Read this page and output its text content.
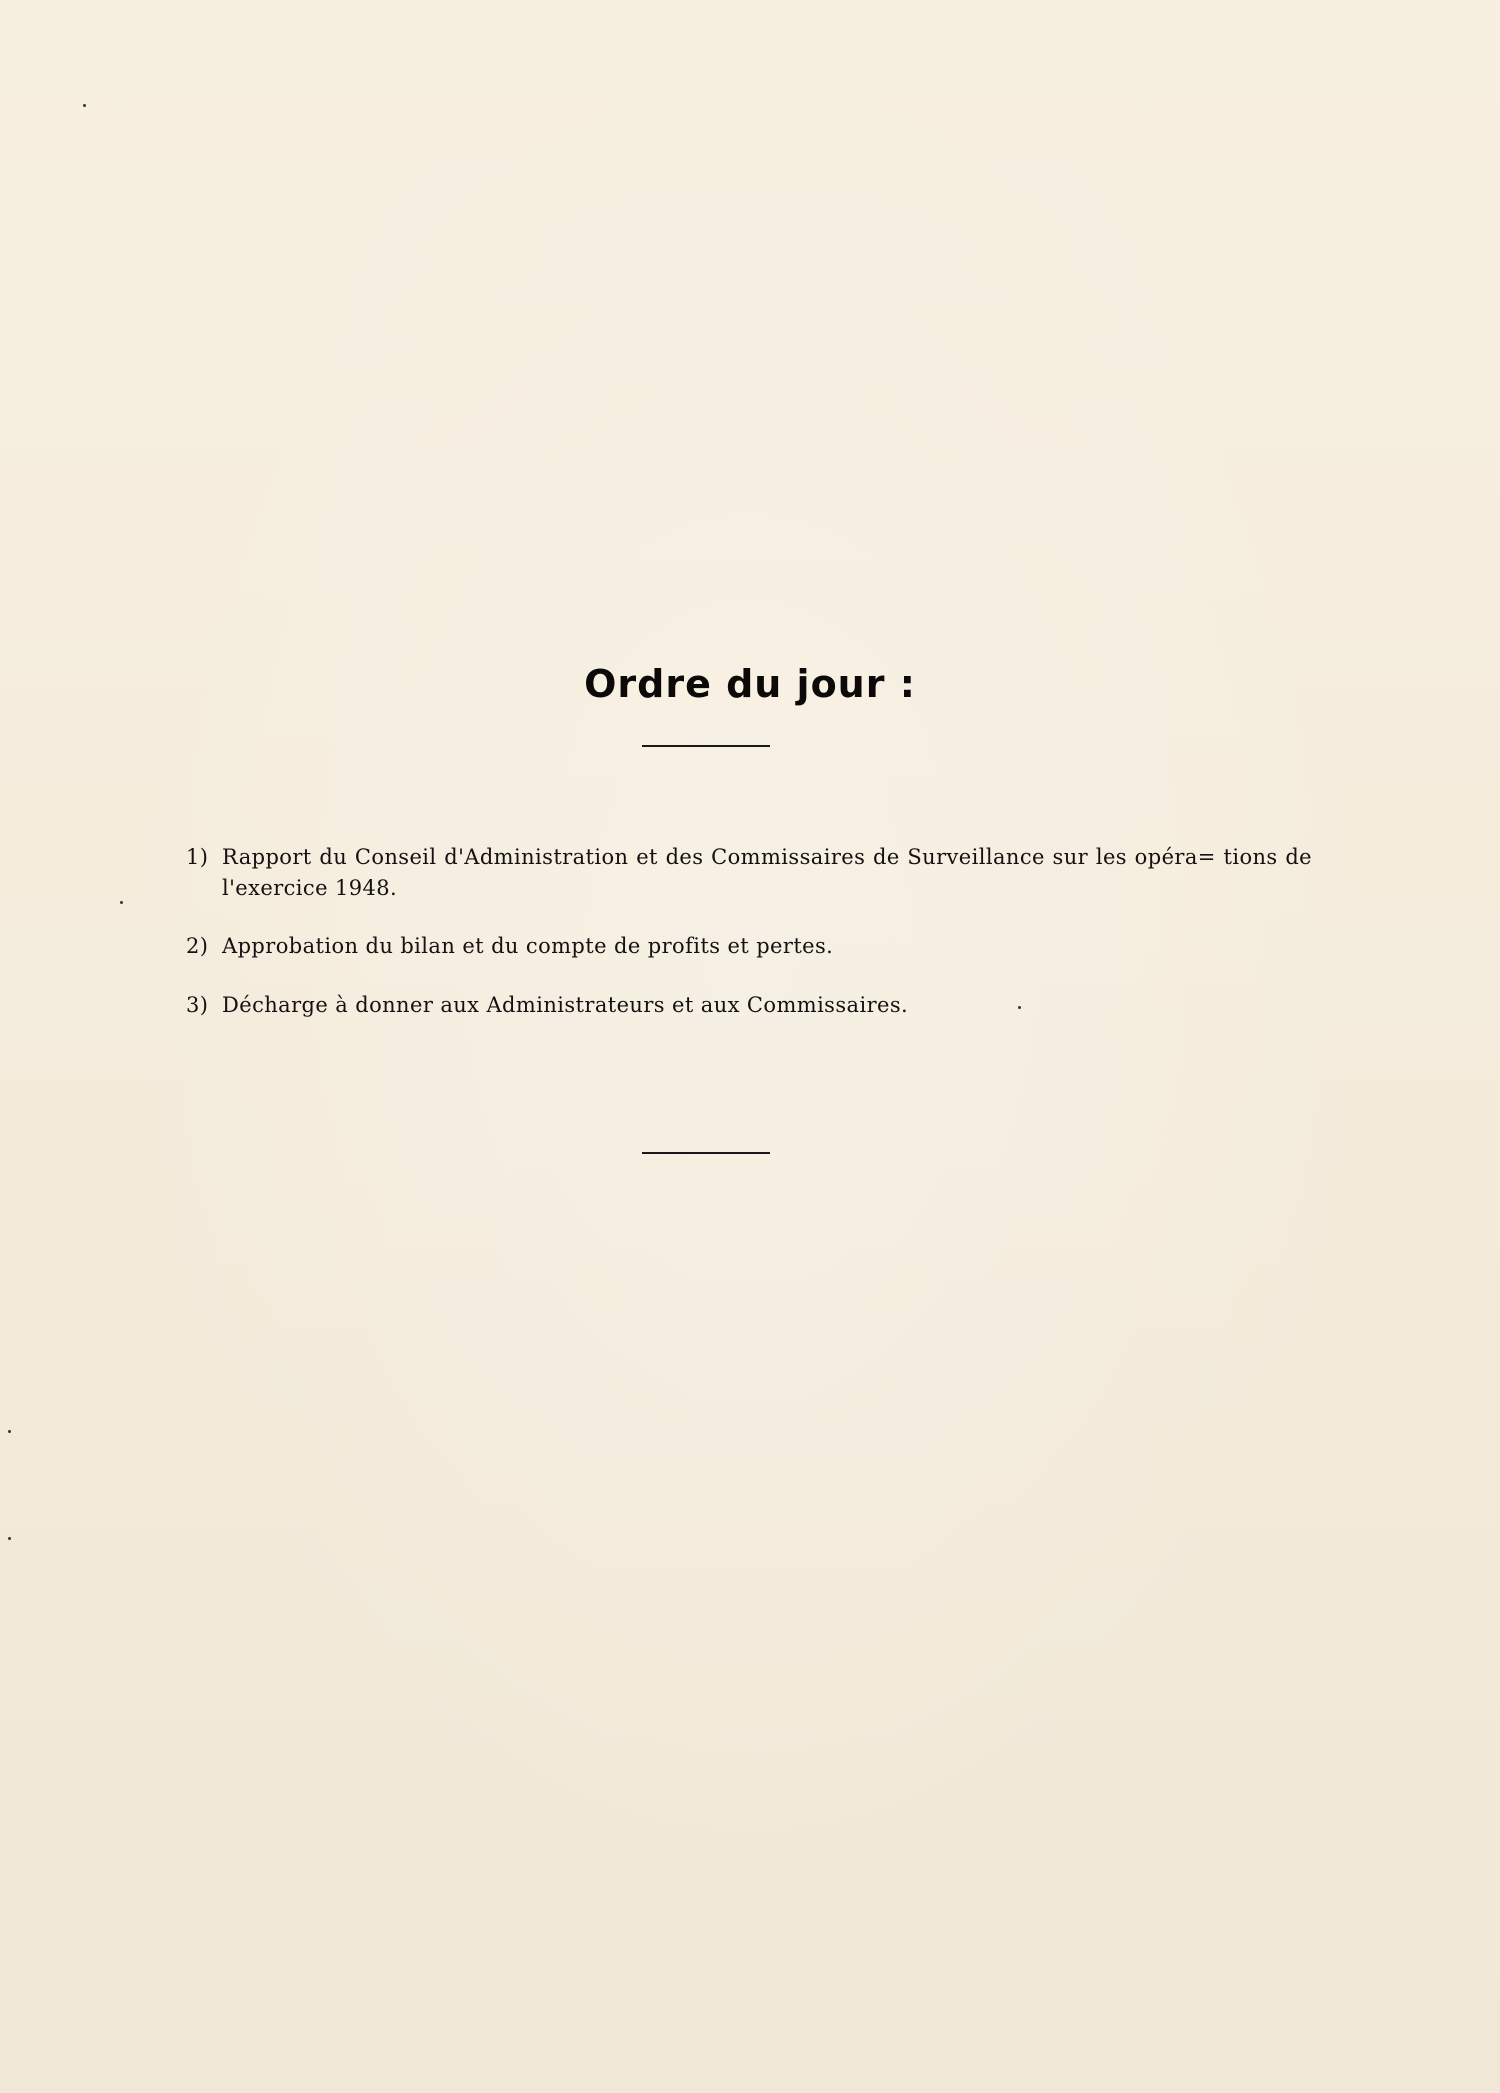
Ordre du jour :
1) Rapport du Conseil d'Administration et des Commissaires de Surveillance sur les opéra= tions de l'exercice 1948.
2) Approbation du bilan et du compte de profits et pertes.
3) Décharge à donner aux Administrateurs et aux Commissaires.
